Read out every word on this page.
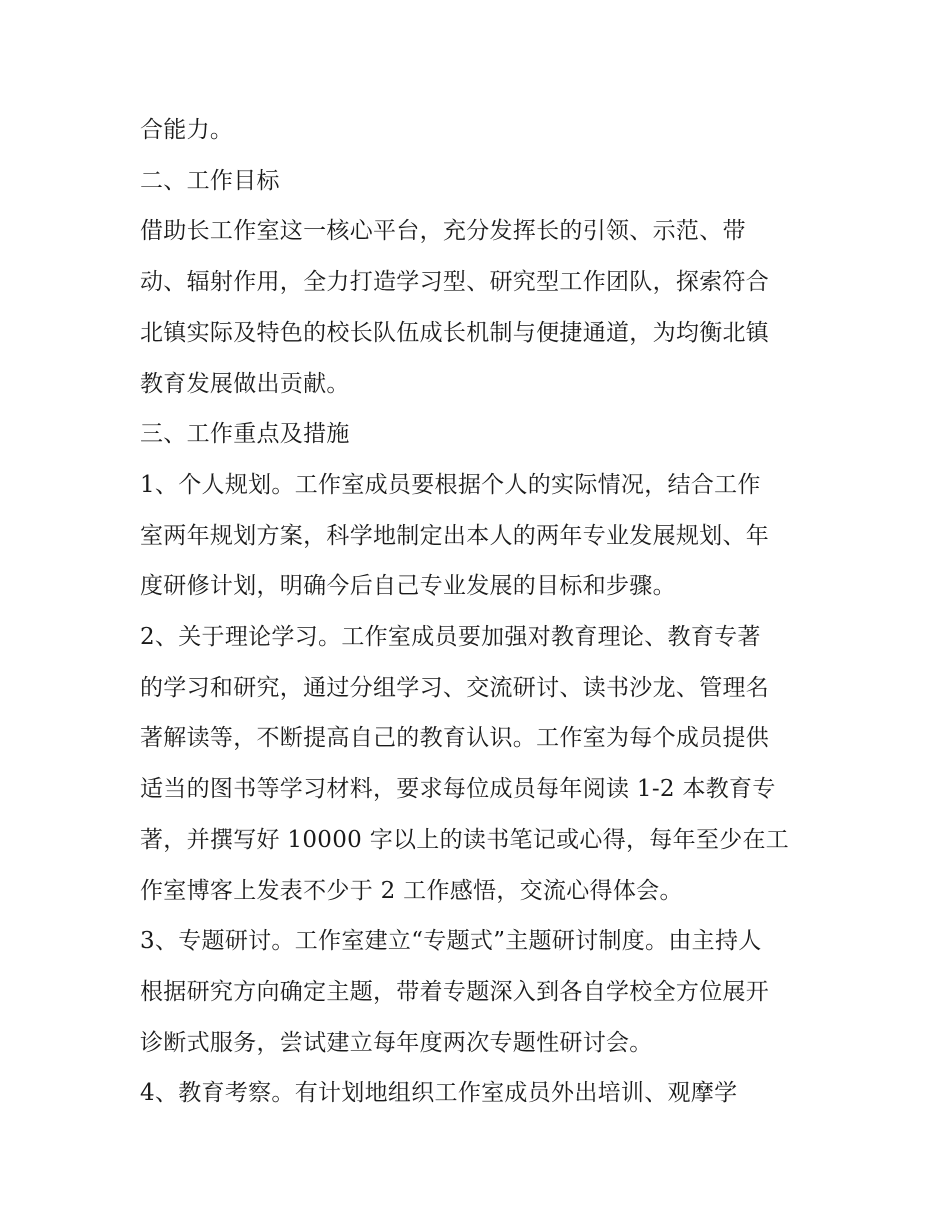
合能力。

二、工作目标

借助长工作室这一核心平台，充分发挥长的引领、示范、带
动、辐射作用，全力打造学习型、研究型工作团队，探索符合
北镇实际及特色的校长队伍成长机制与便捷通道，为均衡北镇
教育发展做出贡献。

三、工作重点及措施

1、个人规划。工作室成员要根据个人的实际情况，结合工作
室两年规划方案，科学地制定出本人的两年专业发展规划、年
度研修计划，明确今后自己专业发展的目标和步骤。

2、关于理论学习。工作室成员要加强对教育理论、教育专著
的学习和研究，通过分组学习、交流研讨、读书沙龙、管理名
著解读等，不断提高自己的教育认识。工作室为每个成员提供
适当的图书等学习材料，要求每位成员每年阅读 1-2 本教育专
著，并撰写好 10000 字以上的读书笔记或心得，每年至少在工
作室博客上发表不少于 2 工作感悟，交流心得体会。

3、专题研讨。工作室建立“专题式”主题研讨制度。由主持人
根据研究方向确定主题，带着专题深入到各自学校全方位展开
诊断式服务，尝试建立每年度两次专题性研讨会。

4、教育考察。有计划地组织工作室成员外出培训、观摩学
